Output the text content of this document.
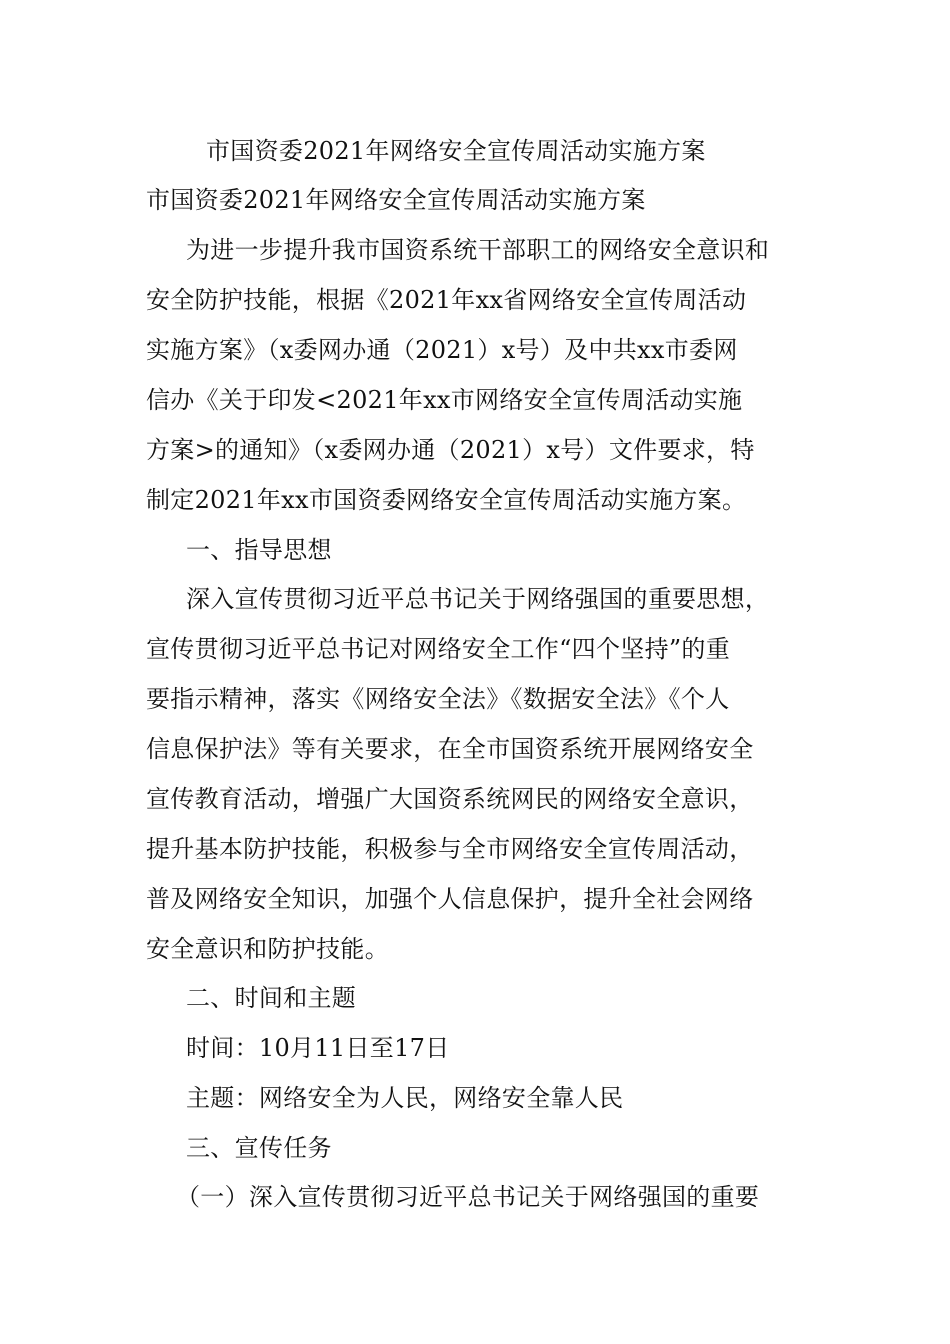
市国资委2021年网络安全宣传周活动实施方案
市国资委2021年网络安全宣传周活动实施方案
为进一步提升我市国资系统干部职工的网络安全意识和
安全防护技能，根据《2021年xx省网络安全宣传周活动
实施方案》（x委网办通（2021）x号）及中共xx市委网
信办《关于印发<2021年xx市网络安全宣传周活动实施
方案>的通知》（x委网办通（2021）x号）文件要求，特
制定2021年xx市国资委网络安全宣传周活动实施方案。
一、指导思想
深入宣传贯彻习近平总书记关于网络强国的重要思想，
宣传贯彻习近平总书记对网络安全工作“四个坚持”的重
要指示精神，落实《网络安全法》《数据安全法》《个人
信息保护法》等有关要求，在全市国资系统开展网络安全
宣传教育活动，增强广大国资系统网民的网络安全意识，
提升基本防护技能，积极参与全市网络安全宣传周活动，
普及网络安全知识，加强个人信息保护，提升全社会网络
安全意识和防护技能。
二、时间和主题
时间：10月11日至17日
主题：网络安全为人民，网络安全靠人民
三、宣传任务
（一）深入宣传贯彻习近平总书记关于网络强国的重要
